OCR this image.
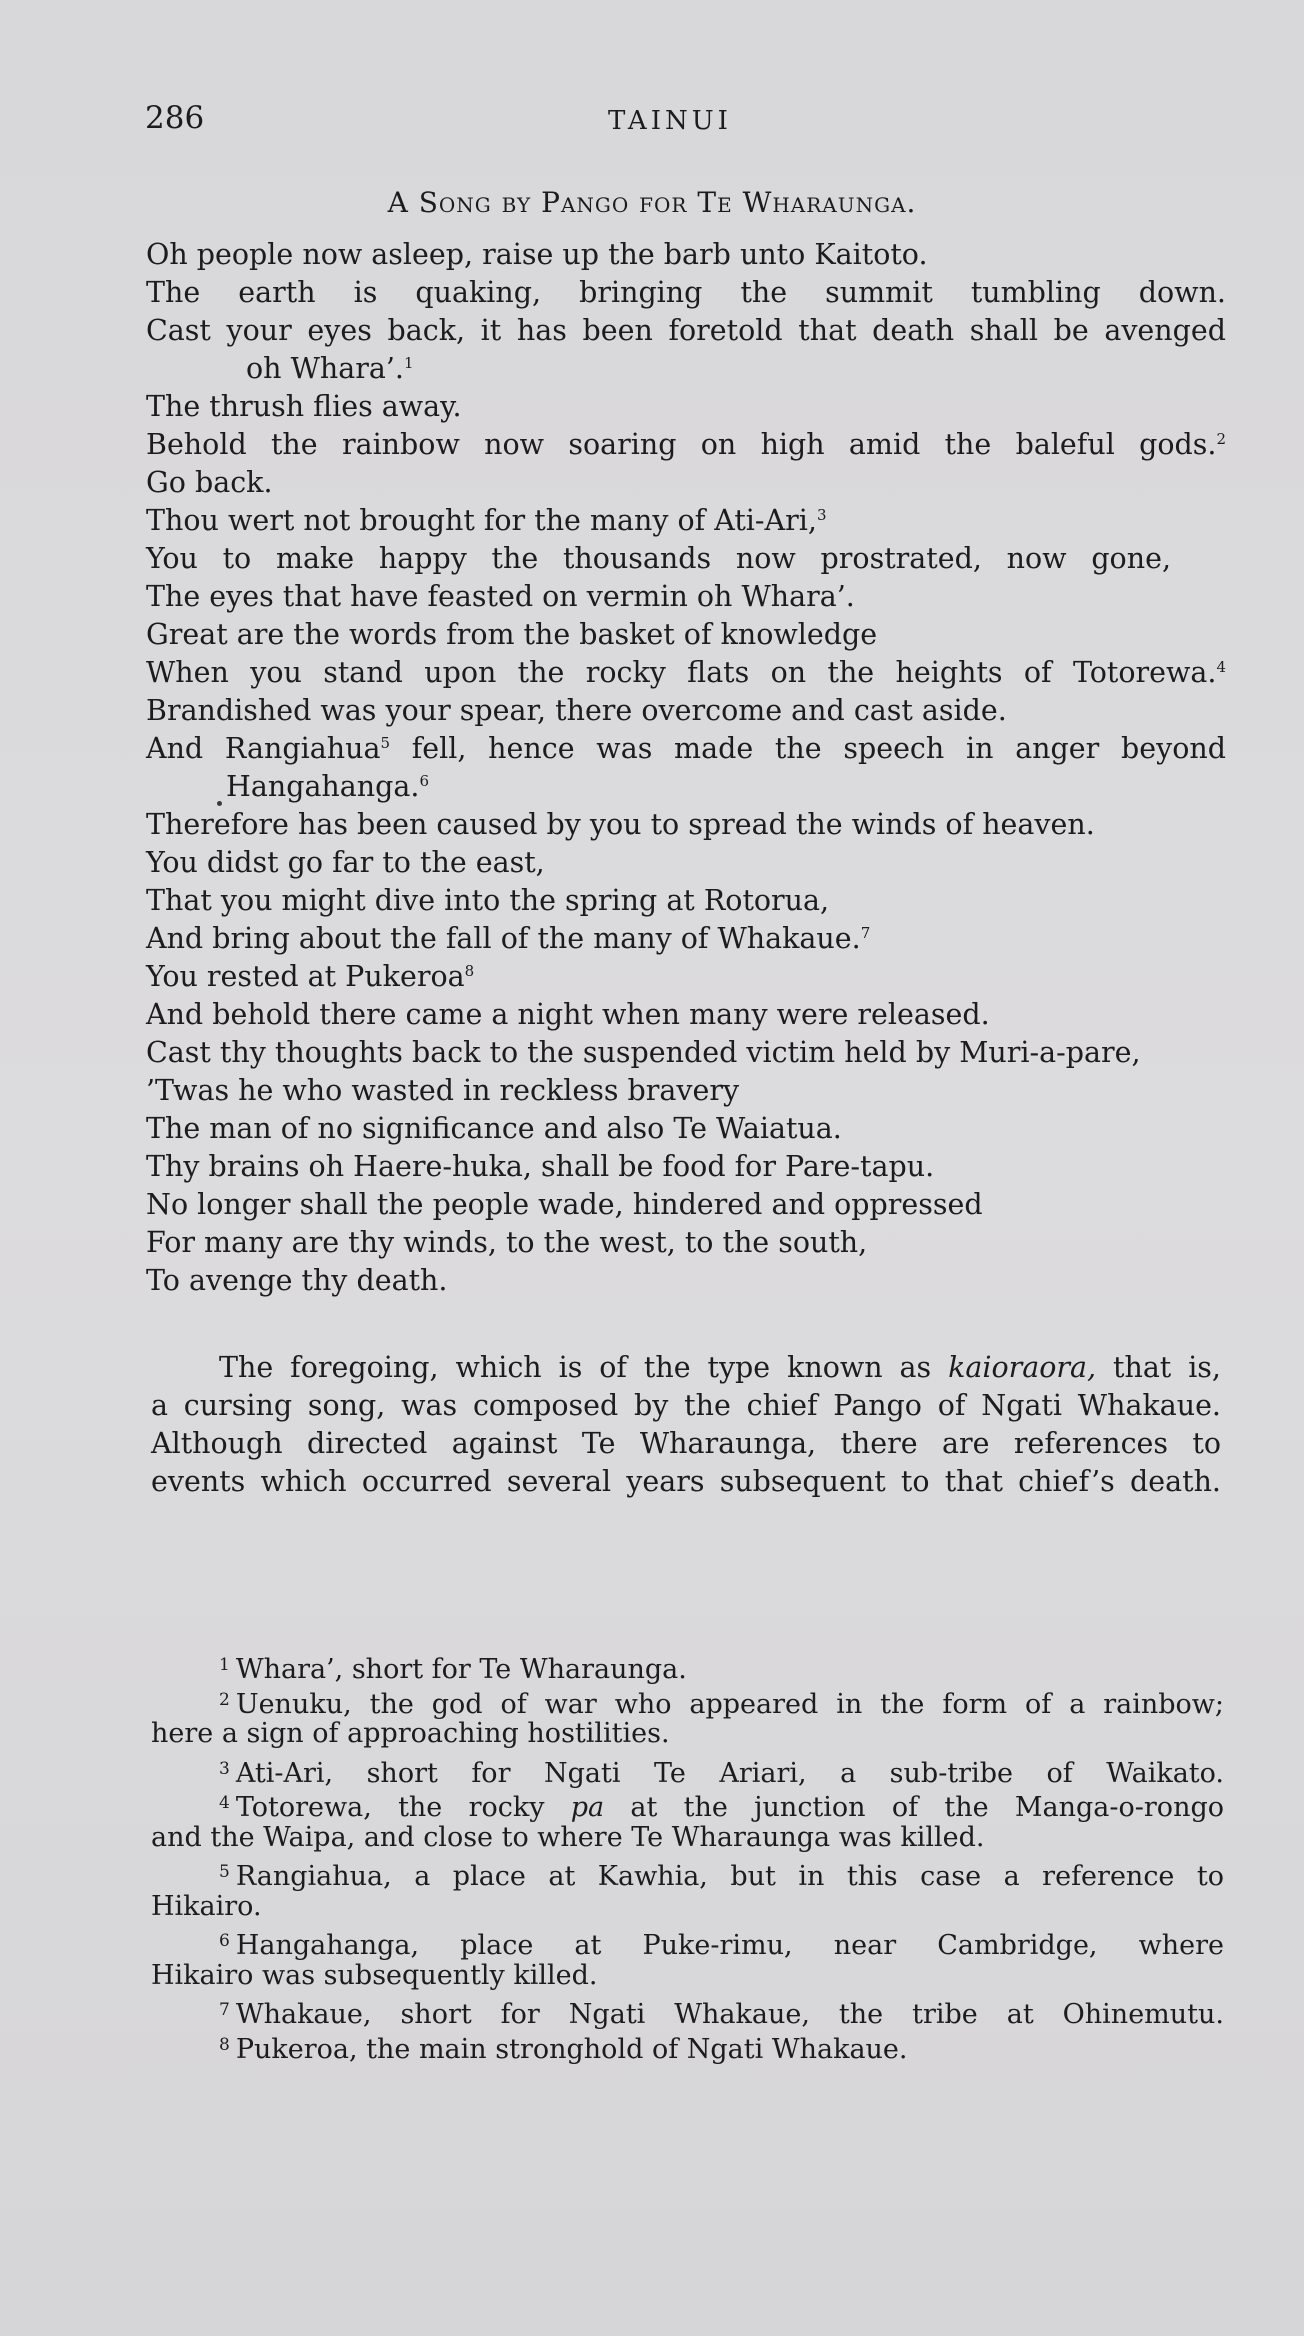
286	TAINUI
A Song by Pango for Te Wharaunga.
Oh people now asleep, raise up the barb unto Kaitoto.
The earth is quaking, bringing the summit tumbling down.
Cast your eyes back, it has been foretold that death shall be avenged
oh Whara’.$^1$
The thrush flies away.
Behold the rainbow now soaring on high amid the baleful gods.$^2$
Go back.
Thou wert not brought for the many of Ati-Ari,$^3$
You to make happy the thousands now prostrated, now gone,
The eyes that have feasted on vermin oh Whara’.
Great are the words from the basket of knowledge
When you stand upon the rocky flats on the heights of Totorewa.$^4$
Brandished was your spear, there overcome and cast aside.
And Rangiahua$^5$ fell, hence was made the speech in anger beyond
Hangahanga.$^6$
Therefore has been caused by you to spread the winds of heaven.
You didst go far to the east,
That you might dive into the spring at Rotorua,
And bring about the fall of the many of Whakaue.$^7$
You rested at Pukeroa$^8$
And behold there came a night when many were released.
Cast thy thoughts back to the suspended victim held by Muri-a-pare,
’Twas he who wasted in reckless bravery
The man of no significance and also Te Waiatua.
Thy brains oh Haere-huka, shall be food for Pare-tapu.
No longer shall the people wade, hindered and oppressed
For many are thy winds, to the west, to the south,
To avenge thy death.
The foregoing, which is of the type known as kaioraora, that is,
a cursing song, was composed by the chief Pango of Ngati Whakaue.
Although directed against Te Wharaunga, there are references to
events which occurred several years subsequent to that chief’s death.
$^1$ Whara’, short for Te Wharaunga.
$^2$ Uenuku, the god of war who appeared in the form of a rainbow;
here a sign of approaching hostilities.
$^3$ Ati-Ari, short for Ngati Te Ariari, a sub-tribe of Waikato.
$^4$ Totorewa, the rocky pa at the junction of the Manga-o-rongo
and the Waipa, and close to where Te Wharaunga was killed.
$^5$ Rangiahua, a place at Kawhia, but in this case a reference to
Hikairo.
$^6$ Hangahanga, place at Puke-rimu, near Cambridge, where
Hikairo was subsequently killed.
$^7$ Whakaue, short for Ngati Whakaue, the tribe at Ohinemutu.
$^8$ Pukeroa, the main stronghold of Ngati Whakaue.
